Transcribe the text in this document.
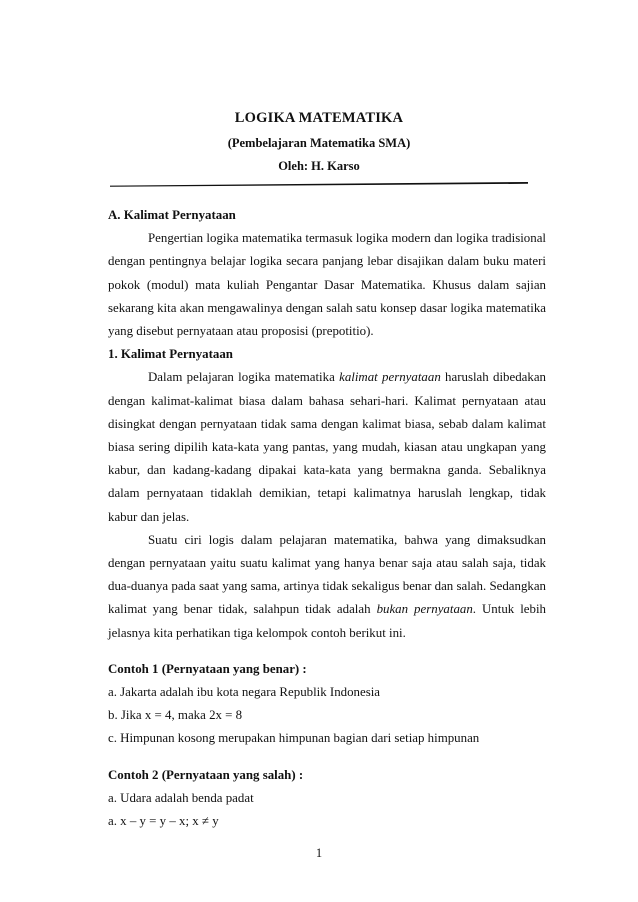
LOGIKA MATEMATIKA

(Pembelajaran Matematika SMA)

Oleh: H. Karso

A. Kalimat Pernyataan

Pengertian logika matematika termasuk logika modern dan logika tradisional dengan pentingnya belajar logika secara panjang lebar disajikan dalam buku materi pokok (modul) mata kuliah Pengantar Dasar Matematika. Khusus dalam sajian sekarang kita akan mengawalinya dengan salah satu konsep dasar logika matematika yang disebut pernyataan atau proposisi (prepotitio).

1. Kalimat Pernyataan

Dalam pelajaran logika matematika kalimat pernyataan haruslah dibedakan dengan kalimat-kalimat biasa dalam bahasa sehari-hari. Kalimat pernyataan atau disingkat dengan pernyataan tidak sama dengan kalimat biasa, sebab dalam kalimat biasa sering dipilih kata-kata yang pantas, yang mudah, kiasan atau ungkapan yang kabur, dan kadang-kadang dipakai kata-kata yang bermakna ganda. Sebaliknya dalam pernyataan tidaklah demikian, tetapi kalimatnya haruslah lengkap, tidak kabur dan jelas.

Suatu ciri logis dalam pelajaran matematika, bahwa yang dimaksudkan dengan pernyataan yaitu suatu kalimat yang hanya benar saja atau salah saja, tidak dua-duanya pada saat yang sama, artinya tidak sekaligus benar dan salah. Sedangkan kalimat yang benar tidak, salahpun tidak adalah bukan pernyataan. Untuk lebih jelasnya kita perhatikan tiga kelompok contoh berikut ini.

Contoh 1 (Pernyataan yang benar) :

a. Jakarta adalah ibu kota negara Republik Indonesia

b. Jika x = 4, maka 2x = 8

c. Himpunan kosong merupakan himpunan bagian dari setiap himpunan

Contoh 2 (Pernyataan yang salah) :

a. Udara adalah benda padat

a. x – y = y – x; x ≠ y

1
